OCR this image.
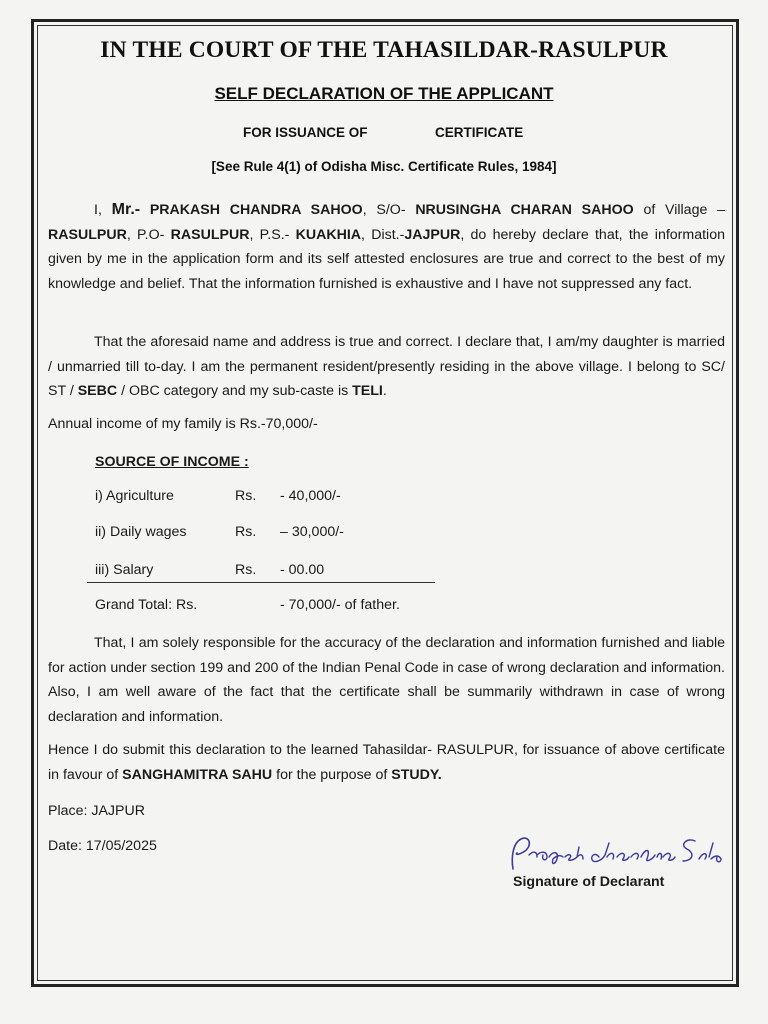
IN THE COURT OF THE TAHASILDAR-RASULPUR
SELF DECLARATION OF THE APPLICANT
FOR ISSUANCE OF	CERTIFICATE
[See Rule 4(1) of Odisha Misc. Certificate Rules, 1984]
I, Mr.- PRAKASH CHANDRA SAHOO, S/O- NRUSINGHA CHARAN SAHOO of Village – RASULPUR, P.O- RASULPUR, P.S.- KUAKHIA, Dist.-JAJPUR, do hereby declare that, the information given by me in the application form and its self attested enclosures are true and correct to the best of my knowledge and belief. That the information furnished is exhaustive and I have not suppressed any fact.
That the aforesaid name and address is true and correct. I declare that, I am/my daughter is married / unmarried till to-day. I am the permanent resident/presently residing in the above village. I belong to SC/ ST / SEBC / OBC category and my sub-caste is TELI.
Annual income of my family is Rs.-70,000/-
SOURCE OF INCOME :
i) Agriculture	Rs. - 40,000/-
ii) Daily wages	Rs. – 30,000/-
iii) Salary	Rs. - 00.00
Grand Total: Rs.	- 70,000/- of father.
That, I am solely responsible for the accuracy of the declaration and information furnished and liable for action under section 199 and 200 of the Indian Penal Code in case of wrong declaration and information. Also, I am well aware of the fact that the certificate shall be summarily withdrawn in case of wrong declaration and information.
Hence I do submit this declaration to the learned Tahasildar- RASULPUR, for issuance of above certificate in favour of SANGHAMITRA SAHU for the purpose of STUDY.
Place: JAJPUR
Date: 17/05/2025
Signature of Declarant
